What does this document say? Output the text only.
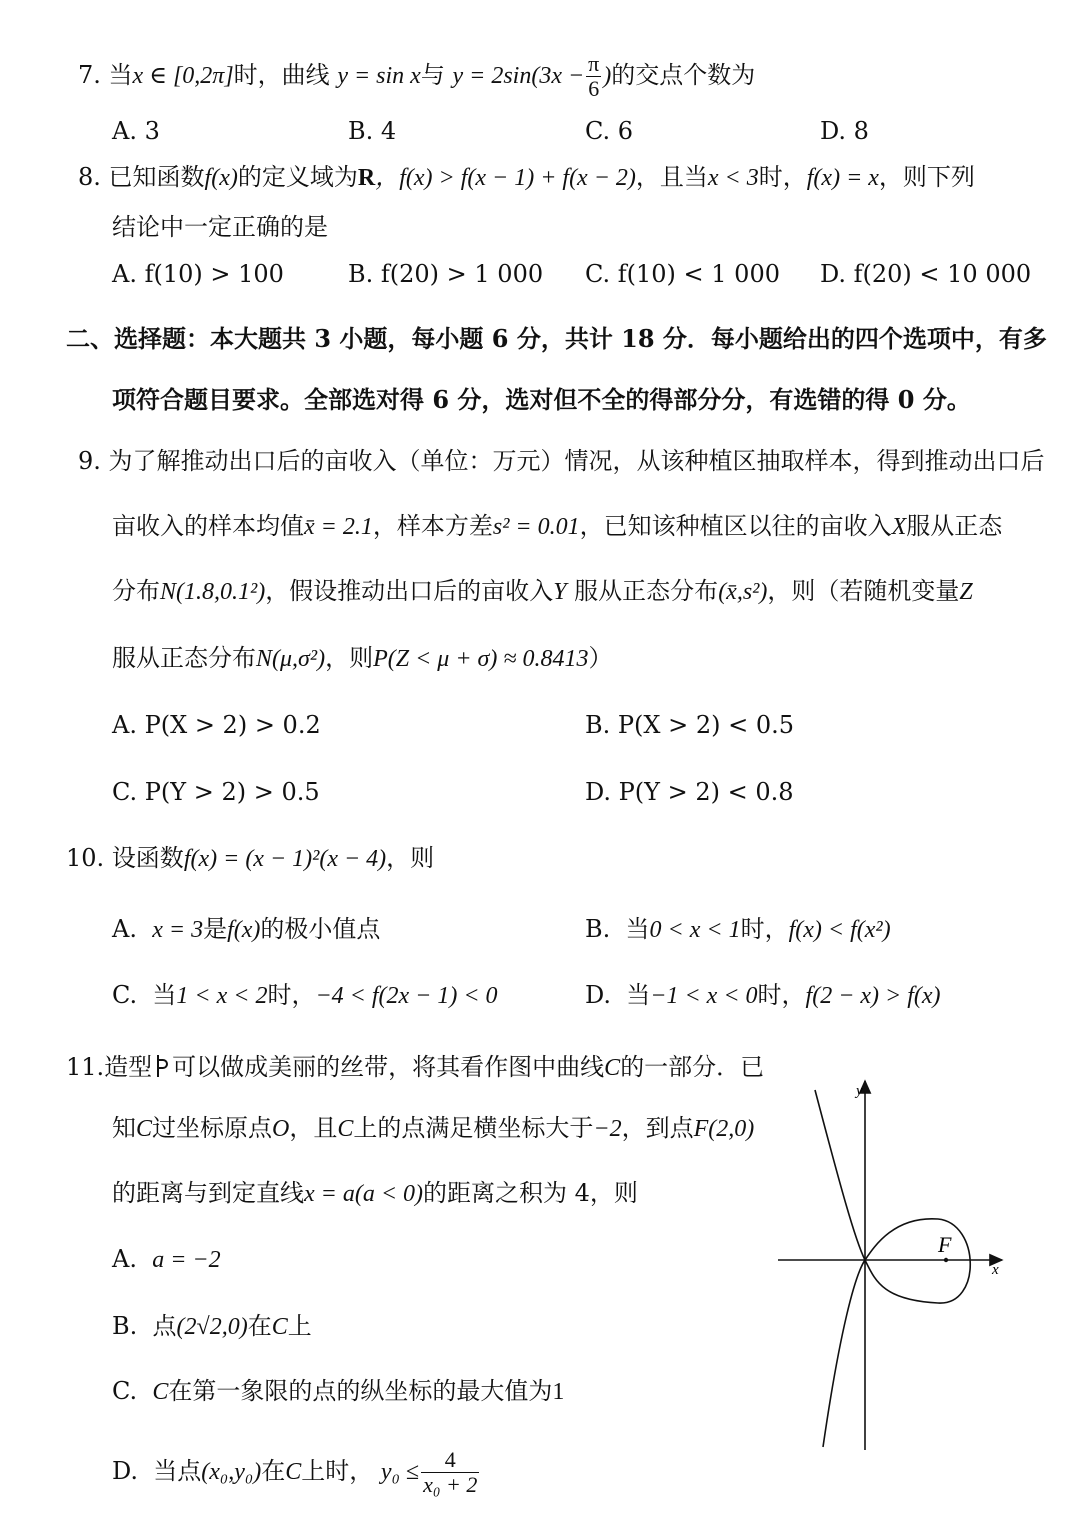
7. 当x ∈ [0,2π]时，曲线 y = sin x与 $y = 2\sin(3x - \frac{\pi}{6}$ )的交点个数为
A. 3	B. 4	C. 6	D. 8
8. 已知函数f(x)的定义域为R，f(x) > f(x − 1) + f(x − 2)，且当x < 3时，f(x) = x，则下列
结论中一定正确的是
A. f(10) > 100	B. f(20) > 1 000 C. f(10) < 1 000 D. f(20) < 10 000
二、选择题：本大题共 3 小题，每小题 6 分，共计 18 分．每小题给出的四个选项中，有多
项符合题目要求。全部选对得 6 分，选对但不全的得部分分，有选错的得 0 分。
9. 为了解推动出口后的亩收入（单位：万元）情况，从该种植区抽取样本，得到推动出口后
亩收入的样本均值x̄ = 2.1，样本方差s² = 0.01，已知该种植区以往的亩收入X服从正态
分布N(1.8,0.1²)，假设推动出口后的亩收入Y 服从正态分布(x̄,s²)，则（若随机变量Z
服从正态分布N(μ,σ²)，则P(Z < μ + σ) ≈ 0.8413）
A. P(X > 2) > 0.2	B. P(X > 2) < 0.5
C. P(Y > 2) > 0.5	D. P(Y > 2) < 0.8
10. 设函数f(x) = (x − 1)²(x − 4)，则
A. x = 3是f(x)的极小值点	B. 当0 < x < 1时，f(x) < f(x²)
C. 当1 < x < 2时，−4 < f(2x − 1) < 0	D. 当−1 < x < 0时，f(2 − x) > f(x)
11.造型 可以做成美丽的丝带，将其看作图中曲线C的一部分．已
知C过坐标原点O，且C上的点满足横坐标大于−2，到点F(2,0)
的距离与到定直线x = a(a < 0)的距离之积为 4，则
A. a = −2
B. 点(2√2,0)在C上
C. C在第一象限的点的纵坐标的最大值为1
D. 当点(x₀,y₀)在C上时， $y_0 \le \frac{4}{\text{x₀ + 2}}$
y
x
F
